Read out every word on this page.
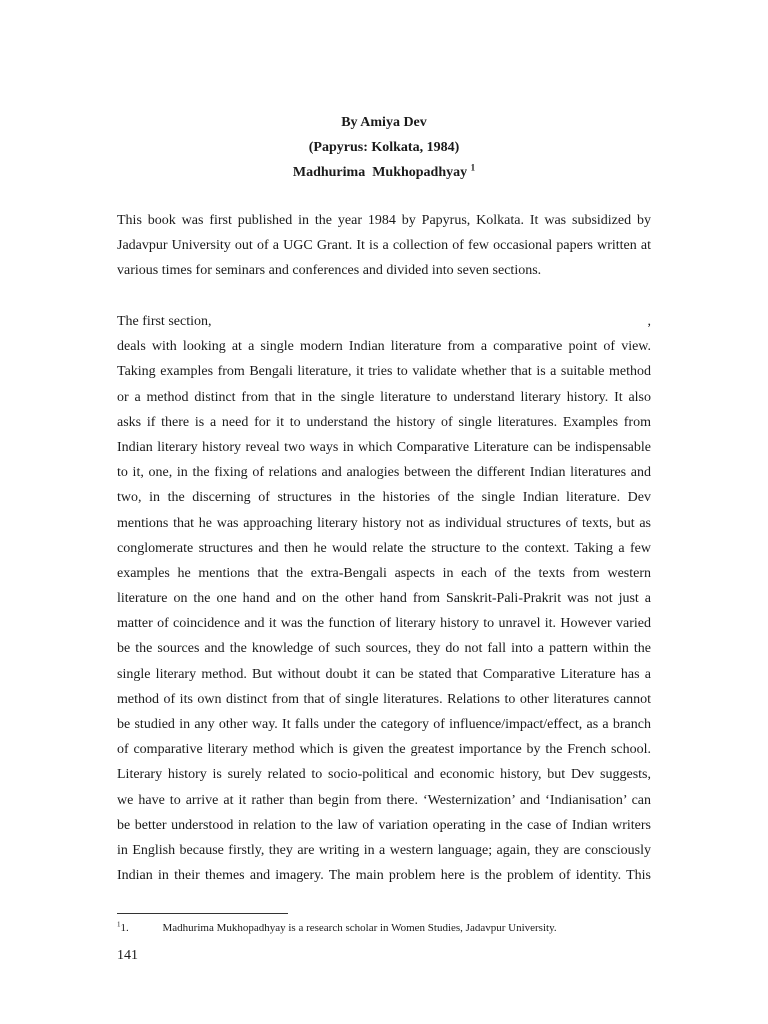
By Amiya Dev
(Papyrus: Kolkata, 1984)
Madhurima  Mukhopadhyay $^1$
This book was first published in the year 1984 by Papyrus, Kolkata. It was subsidized by
Jadavpur University out of a UGC Grant. It is a collection of few occasional papers written at
various times for seminars and conferences and divided into seven sections.
The first section,	,
deals with looking at a single modern Indian literature from a comparative point of view.
Taking examples from Bengali literature, it tries to validate whether that is a suitable method
or a method distinct from that in the single literature to understand literary history. It also
asks if there is a need for it to understand the history of single literatures. Examples from
Indian literary history reveal two ways in which Comparative Literature can be indispensable
to it, one, in the fixing of relations and analogies between the different Indian literatures and
two, in the discerning of structures in the histories of the single Indian literature. Dev
mentions that he was approaching literary history not as individual structures of texts, but as
conglomerate structures and then he would relate the structure to the context. Taking a few
examples he mentions that the extra-Bengali aspects in each of the texts from western
literature on the one hand and on the other hand from Sanskrit-Pali-Prakrit was not just a
matter of coincidence and it was the function of literary history to unravel it. However varied
be the sources and the knowledge of such sources, they do not fall into a pattern within the
single literary method. But without doubt it can be stated that Comparative Literature has a
method of its own distinct from that of single literatures. Relations to other literatures cannot
be studied in any other way. It falls under the category of influence/impact/effect, as a branch
of comparative literary method which is given the greatest importance by the French school.
Literary history is surely related to socio-political and economic history, but Dev suggests,
we have to arrive at it rather than begin from there. ‘Westernization’ and ‘Indianisation’ can
be better understood in relation to the law of variation operating in the case of Indian writers
in English because firstly, they are writing in a western language; again, they are consciously
Indian in their themes and imagery. The main problem here is the problem of identity. This
$^1$1.	Madhurima Mukhopadhyay is a research scholar in Women Studies, Jadavpur University.
141
